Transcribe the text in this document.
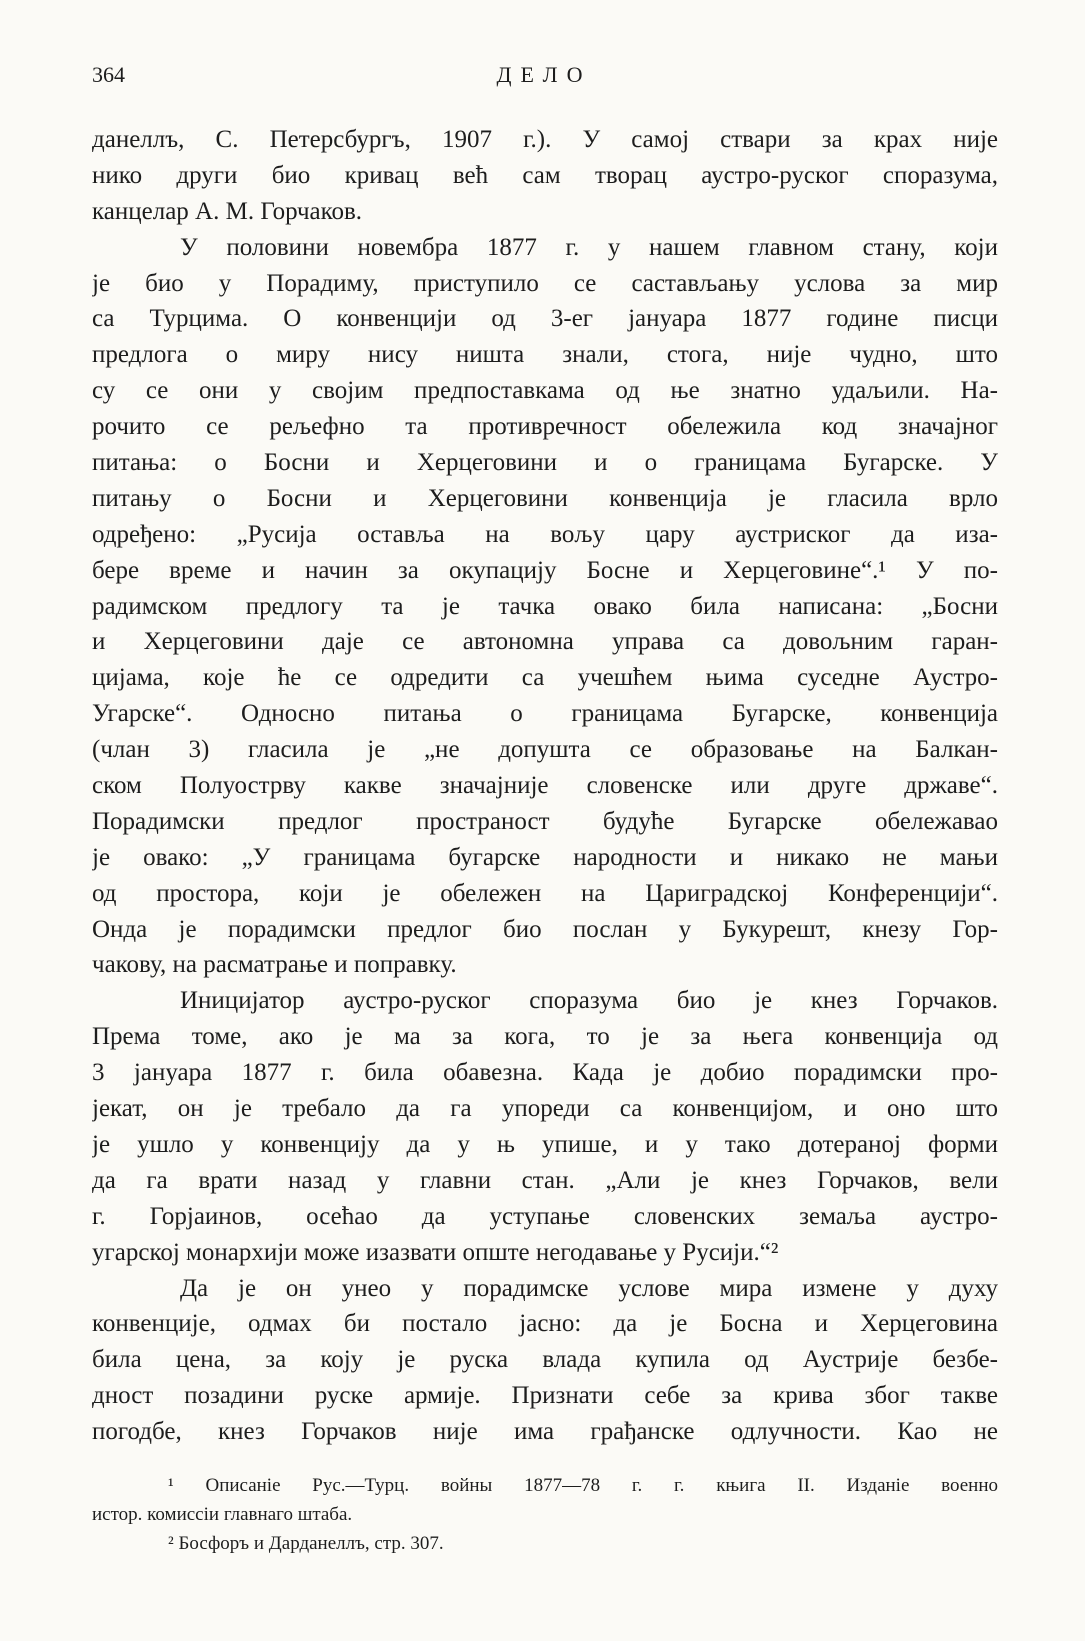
364	ДЕЛО
данеллъ, С. Петерсбургъ, 1907 г.). У самој ствари за крах није
нико други био кривац већ сам творац аустро-руског споразума,
канцелар А. М. Горчаков.
У половини новембра 1877 г. у нашем главном стану, који
је био у Порадиму, приступило се састављању услова за мир
са Турцима. О конвенцији од 3-ег јануара 1877 године писци
предлога о миру нису ништа знали, стога, није чудно, што
су се они у својим предпоставкама од ње знатно удаљили. На-
рочито се рељефно та противречност обележила код значајног
питања: о Босни и Херцеговини и о границама Бугарске. У
питању о Босни и Херцеговини конвенција је гласила врло
одређено: „Русија оставља на вољу цару аустриског да иза-
бере време и начин за окупацију Босне и Херцеговине“.¹ У по-
радимском предлогу та је тачка овако била написана: „Босни
и Херцеговини даје се автономна управа са довољним гаран-
цијама, које ће се одредити са учешћем њима суседне Аустро-
Угарске“. Односно питања о границама Бугарске, конвенција
(члан 3) гласила је „не допушта се образовање на Балкан-
ском Полуострву какве значајније словенске или друге државе“.
Порадимски предлог пространост будуће Бугарске обележавао
је овако: „У границама бугарске народности и никако не мањи
од простора, који је обележен на Цариградској Конференцији“.
Онда је порадимски предлог био послан у Букурешт, кнезу Гор-
чакову, на расматрање и поправку.
Иницијатор аустро-руског споразума био је кнез Горчаков.
Према томе, ако је ма за кога, то је за њега конвенција од
3 јануара 1877 г. била обавезна. Када је добио порадимски про-
јекат, он је требало да га упореди са конвенцијом, и оно што
је ушло у конвенцију да у њ упише, и у тако дотераној форми
да га врати назад у главни стан. „Али је кнез Горчаков, вели
г. Горјаинов, осећао да уступање словенских земаља аустро-
угарској монархији може изазвати опште негодавање у Русији.“²
Да је он унео у порадимске услове мира измене у духу
конвенције, одмах би постало јасно: да је Босна и Херцеговина
била цена, за коју је руска влада купила од Аустрије безбе-
дност позадини руске армије. Признати себе за крива због такве
погодбе, кнез Горчаков није има грађанске одлучности. Као не
¹ Описаніе Рус.—Турц. войны 1877—78 г. г. књига II. Изданіе военно
истор. комиссіи главнаго штаба.
² Босфоръ и Дарданеллъ, стр. 307.
